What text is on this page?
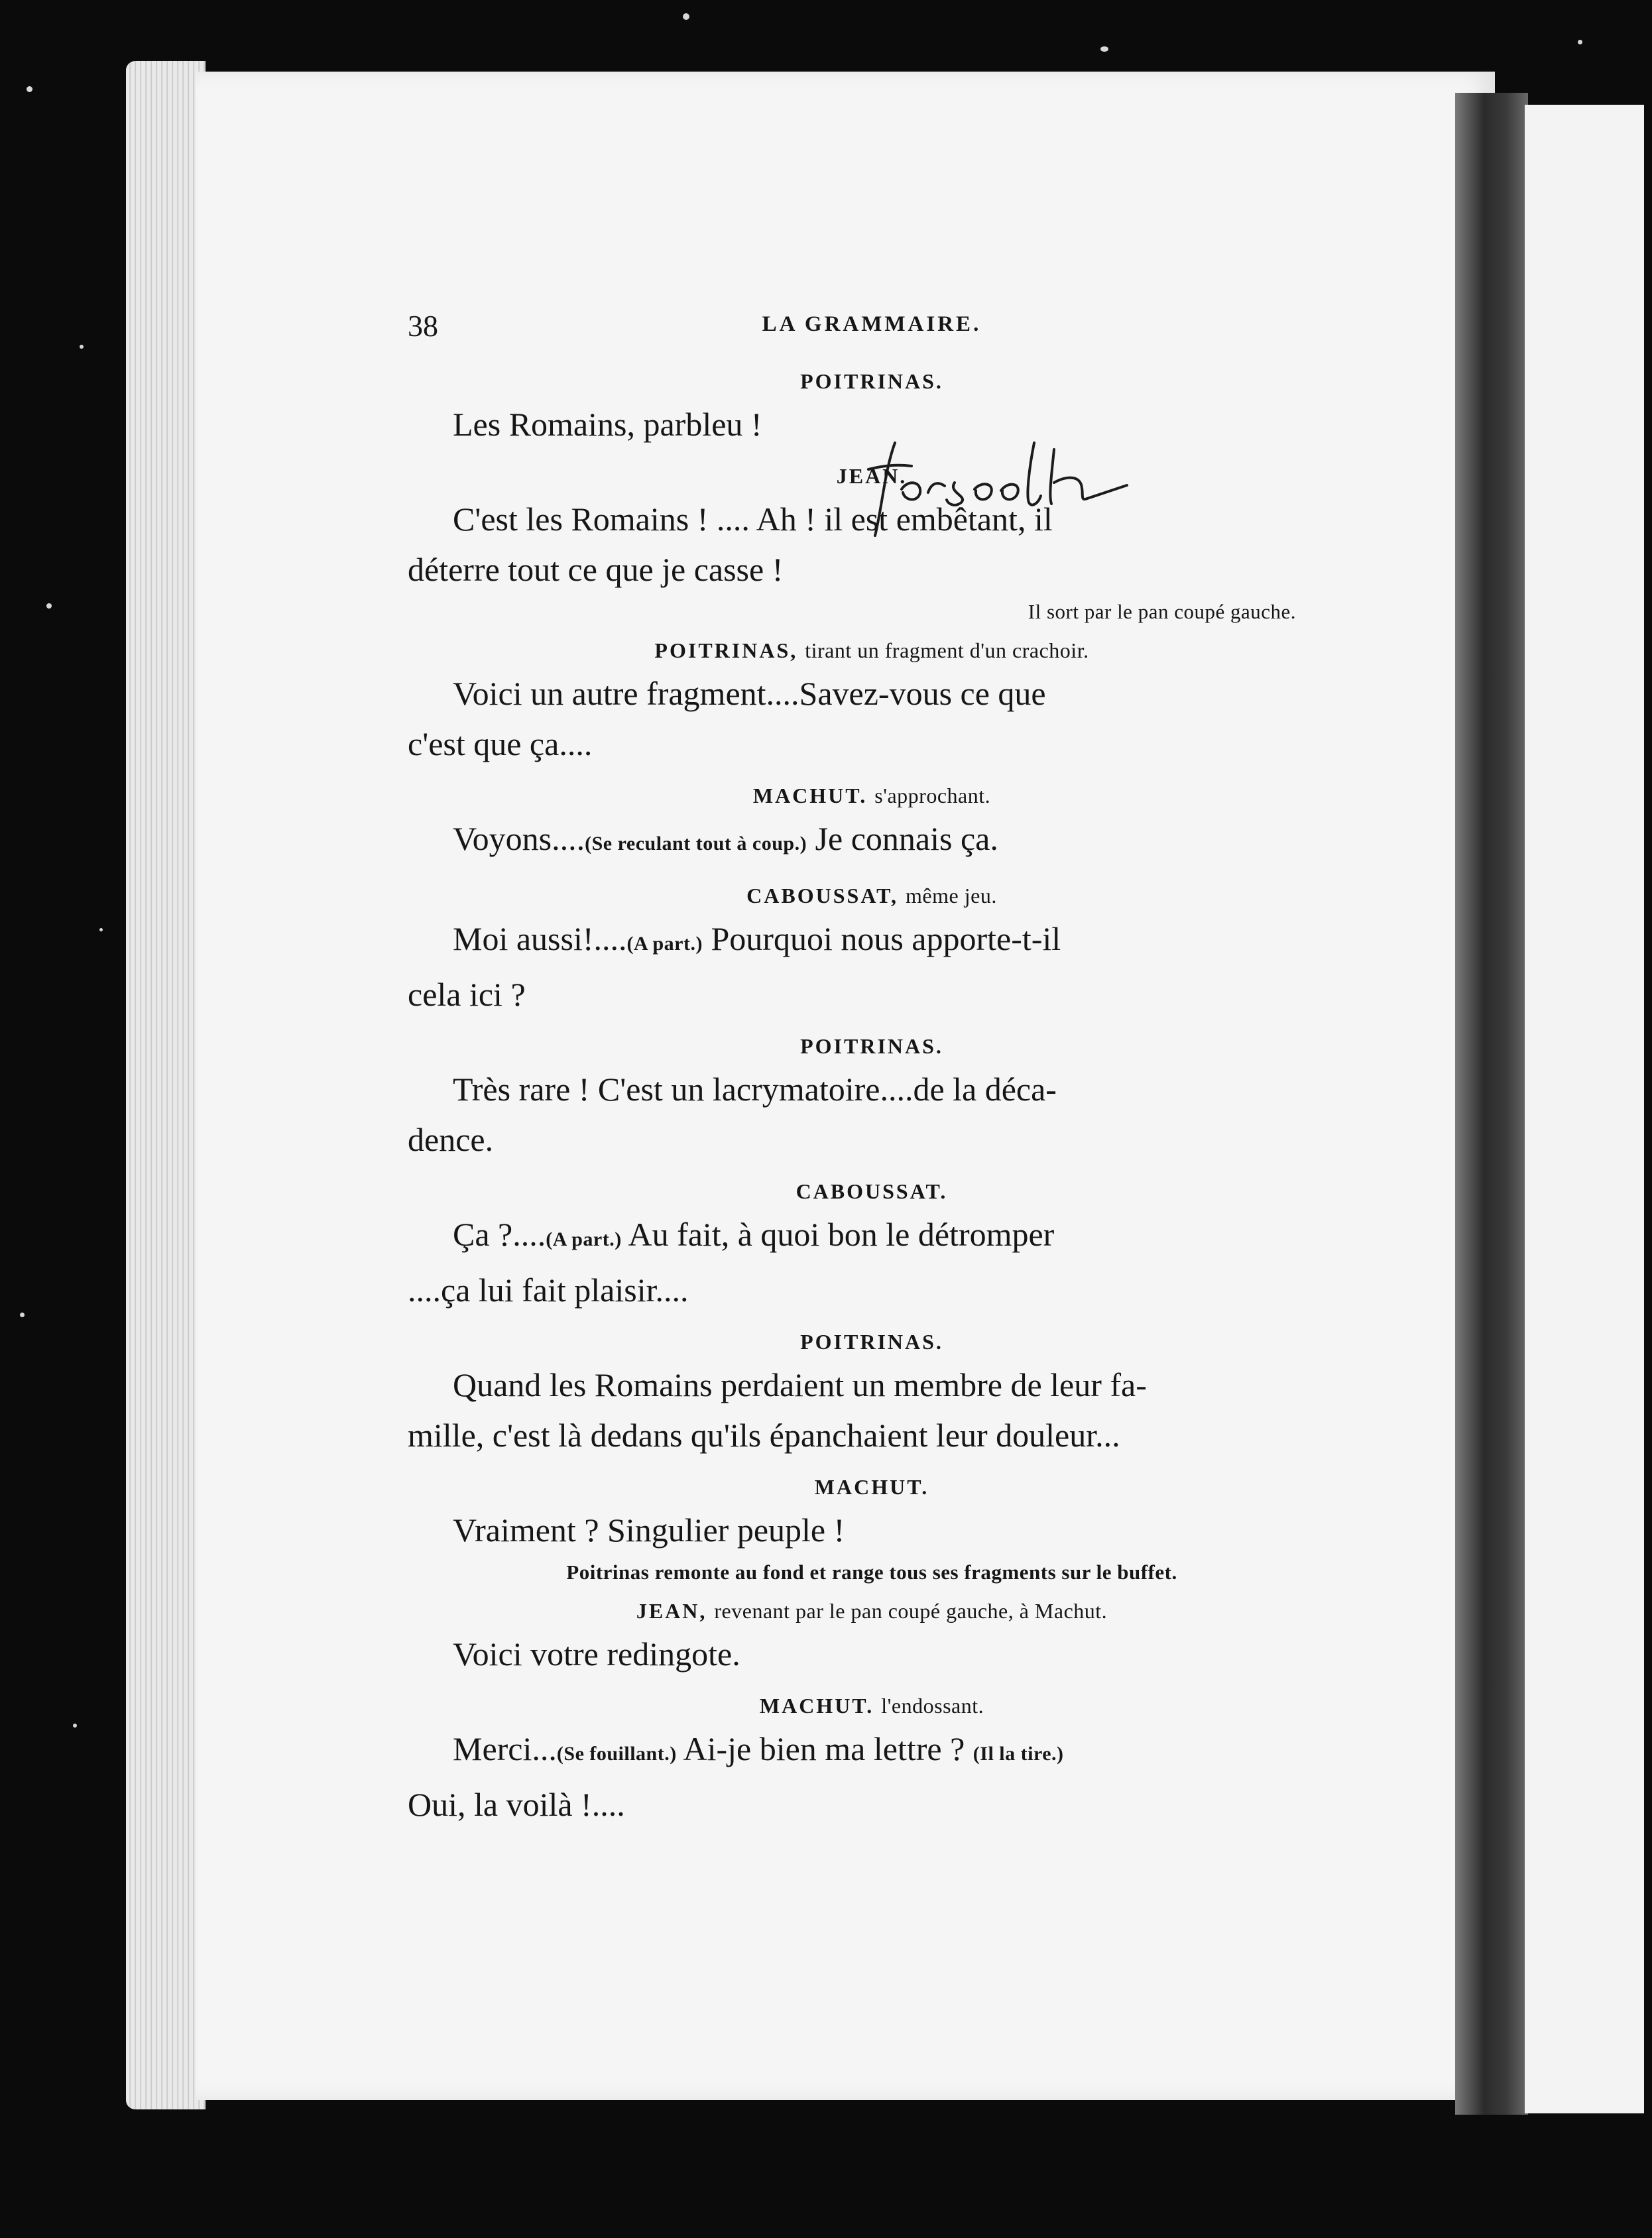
38	LA GRAMMAIRE.
POITRINAS.

Les Romains, parbleu !

JEAN.

C'est les Romains ! .... Ah ! il est embêtant, il

déterre tout ce que je casse !

Il sort par le pan coupé gauche.
POITRINAS, tirant un fragment d'un crachoir.

Voici un autre fragment....Savez-vous ce que

c'est que ça....

MACHUT. s'approchant.

Voyons....(Se reculant tout à coup.) Je connais ça.

CABOUSSAT, même jeu.

Moi aussi!....(A part.) Pourquoi nous apporte-t-il

cela ici ?

POITRINAS.

Très rare ! C'est un lacrymatoire....de la déca-

dence.

CABOUSSAT.

Ça ?....(A part.) Au fait, à quoi bon le détromper

....ça lui fait plaisir....

POITRINAS.

Quand les Romains perdaient un membre de leur fa-

mille, c'est là dedans qu'ils épanchaient leur douleur...

MACHUT.

Vraiment ? Singulier peuple !

Poitrinas remonte au fond et range tous ses fragments sur le buffet.
JEAN, revenant par le pan coupé gauche, à Machut.

Voici votre redingote.

MACHUT. l'endossant.

Merci...(Se fouillant.) Ai-je bien ma lettre ? (Il la tire.)

Oui, la voilà !....
